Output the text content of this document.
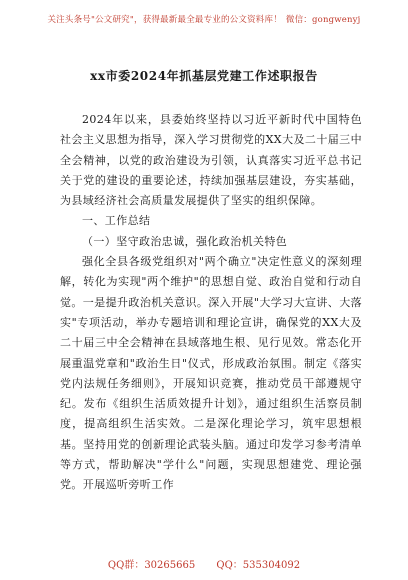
关注头条号"公文研究"，获得最新最全最专业的公文资料库！ 微信：gongwenyj
xx市委2024年抓基层党建工作述职报告

2024年以来，县委始终坚持以习近平新时代中国特色社会主义思想为指导，深入学习贯彻党的XX大及二十届三中全会精神，以党的政治建设为引领，认真落实习近平总书记关于党的建设的重要论述，持续加强基层建设，夯实基础，为县域经济社会高质量发展提供了坚实的组织保障。

一、工作总结

（一）坚守政治忠诚，强化政治机关特色

强化全县各级党组织对"两个确立"决定性意义的深刻理解，转化为实现"两个维护"的思想自觉、政治自觉和行动自觉。一是提升政治机关意识。深入开展"大学习大宣讲、大落实"专项活动，举办专题培训和理论宣讲，确保党的XX大及二十届三中全会精神在县域落地生根、见行见效。常态化开展重温党章和"政治生日"仪式，形成政治氛围。制定《落实党内法规任务细则》，开展知识竞赛，推动党员干部遵规守纪。发布《组织生活质效提升计划》，通过组织生活察员制度，提高组织生活实效。二是深化理论学习，筑牢思想根基。坚持用党的创新理论武装头脑。通过印发学习参考清单等方式，帮助解决"学什么"问题，实现思想建党、理论强党。开展巡听旁听工作

QQ群：30265665 QQ：535304092
